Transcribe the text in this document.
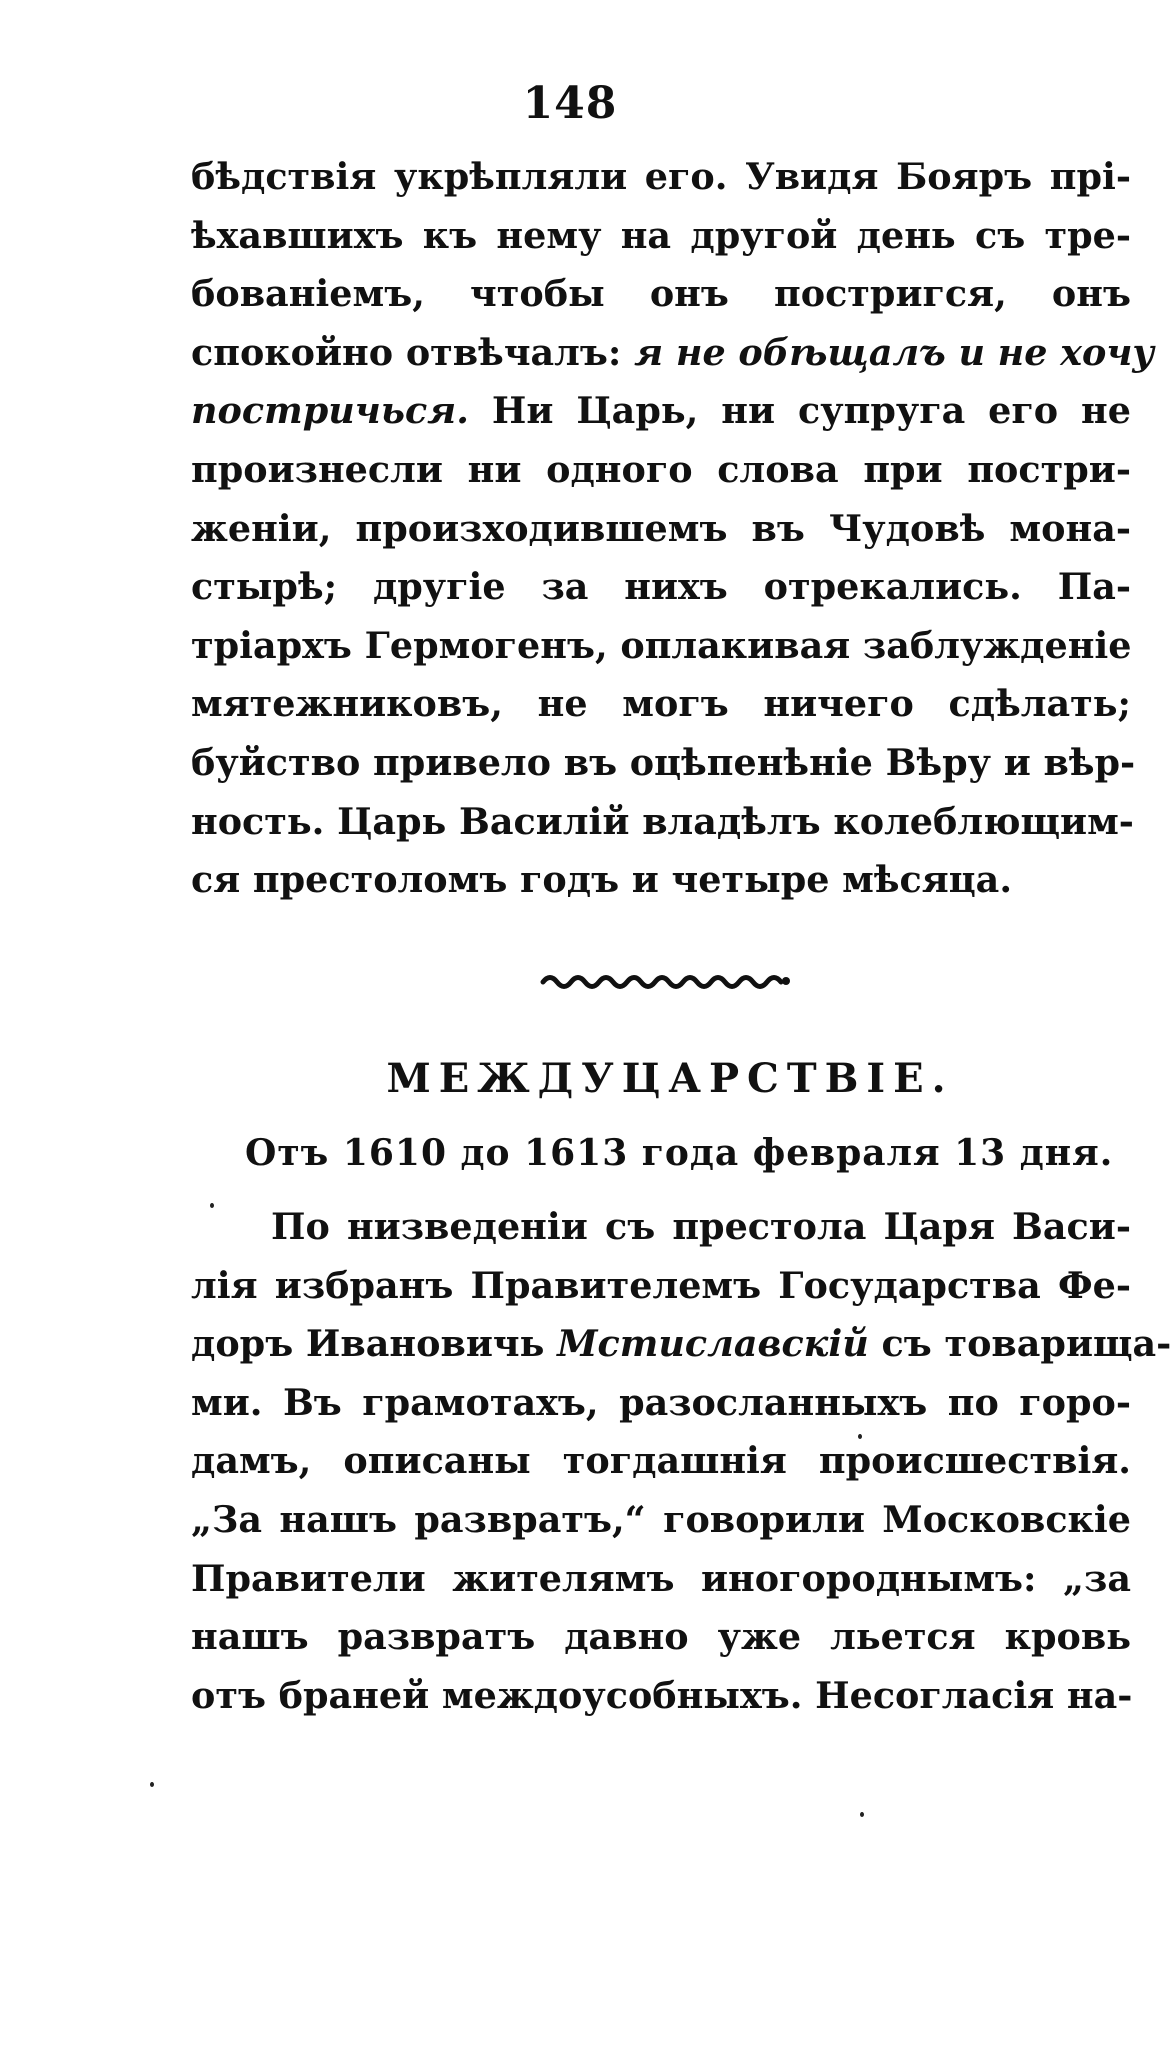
148
бѣдствія укрѣпляли его. Увидя Бояръ прі-
ѣхавшихъ къ нему на другой день съ тре-
бованіемъ, чтобы онъ постригся, онъ
спокойно отвѣчалъ: я не обѣщалъ и не хочу
постричься. Ни Царь, ни супруга его не
произнесли ни одного слова при постри-
женіи, произходившемъ въ Чудовѣ мона-
стырѣ; другіе за нихъ отрекались. Па-
тріархъ Гермогенъ, оплакивая заблужденіе
мятежниковъ, не могъ ничего сдѣлать;
буйство привело въ оцѣпенѣніе Вѣру и вѣр-
ность. Царь Василій владѣлъ колеблющим-
ся престоломъ годъ и четыре мѣсяца.
МЕЖДУЦАРСТВІЕ.
Отъ 1610 до 1613 года февраля 13 дня.
По низведеніи съ престола Царя Васи-
лія избранъ Правителемъ Государства Фе-
доръ Ивановичь Мстиславскій съ товарища-
ми. Въ грамотахъ, разосланныхъ по горо-
дамъ, описаны тогдашнія происшествія.
„За нашъ развратъ,“ говорили Московскіе
Правители жителямъ иногороднымъ: „за
нашъ развратъ давно уже льется кровь
отъ браней междоусобныхъ. Несогласія на-
